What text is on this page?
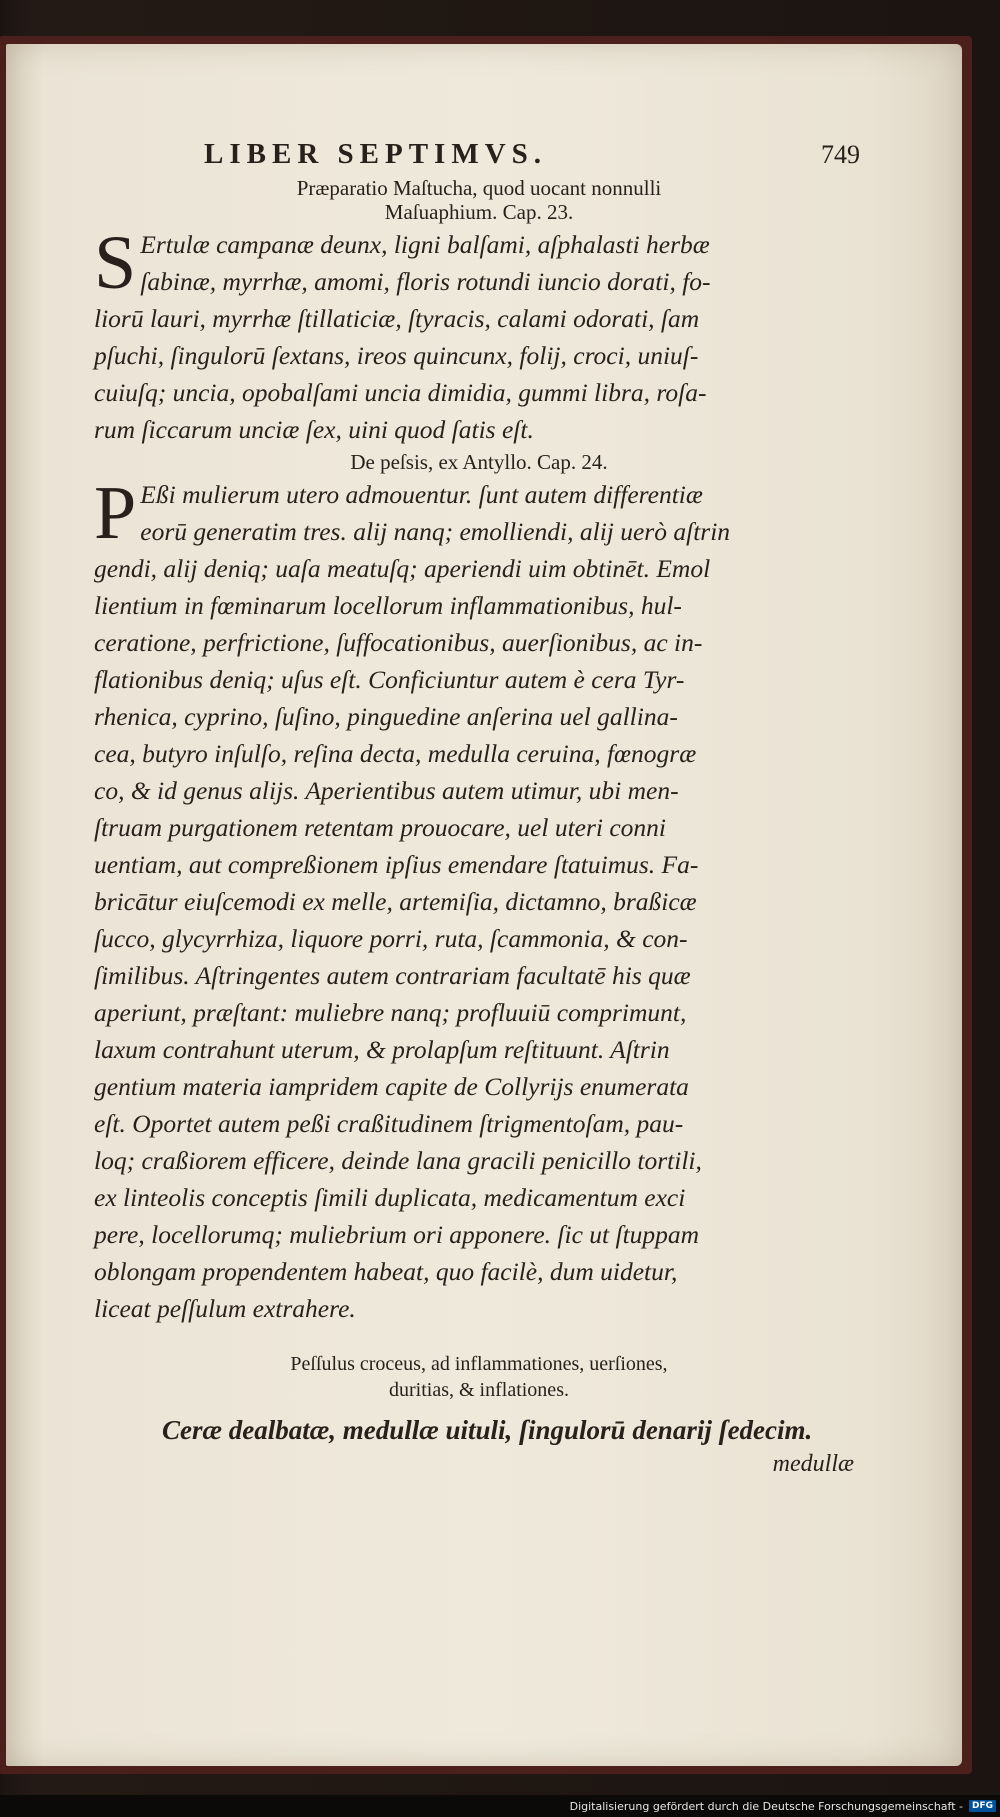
LIBER SEPTIMVS.	749

Præparatio Maſtucha, quod uocant nonnulli
Maſuaphium. Cap. 23.

S Ertulæ campanæ deunx, ligni balſami, aſphalasti herbæ
ſabinæ, myrrhæ, amomi, floris rotundi iuncio dorati, fo-
liorū lauri, myrrhæ ſtillaticiæ, ſtyracis, calami odorati, ſam
pſuchi, ſingulorū ſextans, ireos quincunx, folij, croci, uniuſ-
cuiuſq; uncia, opobalſami uncia dimidia, gummi libra, roſa-
rum ſiccarum unciæ ſex, uini quod ſatis eſt.

De peſsis, ex Antyllo. Cap. 24.

P Eßi mulierum utero admouentur. ſunt autem differentiæ
eorū generatim tres. alij nanq; emolliendi, alij uerò aſtrin
gendi, alij deniq; uaſa meatuſq; aperiendi uim obtinēt. Emol
lientium in fœminarum locellorum inflammationibus, hul-
ceratione, perfrictione, ſuffocationibus, auerſionibus, ac in-
flationibus deniq; uſus eſt. Conficiuntur autem è cera Tyr-
rhenica, cyprino, ſuſino, pinguedine anſerina uel gallina-
cea, butyro inſulſo, reſina decta, medulla ceruina, fœnogræ
co, & id genus alijs. Aperientibus autem utimur, ubi men-
ſtruam purgationem retentam prouocare, uel uteri conni
uentiam, aut compreßionem ipſius emendare ſtatuimus. Fa-
bricātur eiuſcemodi ex melle, artemiſia, dictamno, braßicæ
ſucco, glycyrrhiza, liquore porri, ruta, ſcammonia, & con-
ſimilibus. Aſtringentes autem contrariam facultatē his quæ
aperiunt, præſtant: muliebre nanq; profluuiū comprimunt,
laxum contrahunt uterum, & prolapſum reſtituunt. Aſtrin
gentium materia iampridem capite de Collyrijs enumerata
eſt. Oportet autem peßi craßitudinem ſtrigmentoſam, pau-
loq; craßiorem efficere, deinde lana gracili penicillo tortili,
ex linteolis conceptis ſimili duplicata, medicamentum exci
pere, locellorumq; muliebrium ori apponere. ſic ut ſtuppam
oblongam propendentem habeat, quo facilè, dum uidetur,
liceat peſſulum extrahere.

Peſſulus croceus, ad inflammationes, uerſiones,
duritias, & inflationes.

Ceræ dealbatæ, medullæ uituli, ſingulorū denarij ſedecim.
medullæ
Digitalisierung gefördert durch die Deutsche Forschungsgemeinschaft -	DFG
